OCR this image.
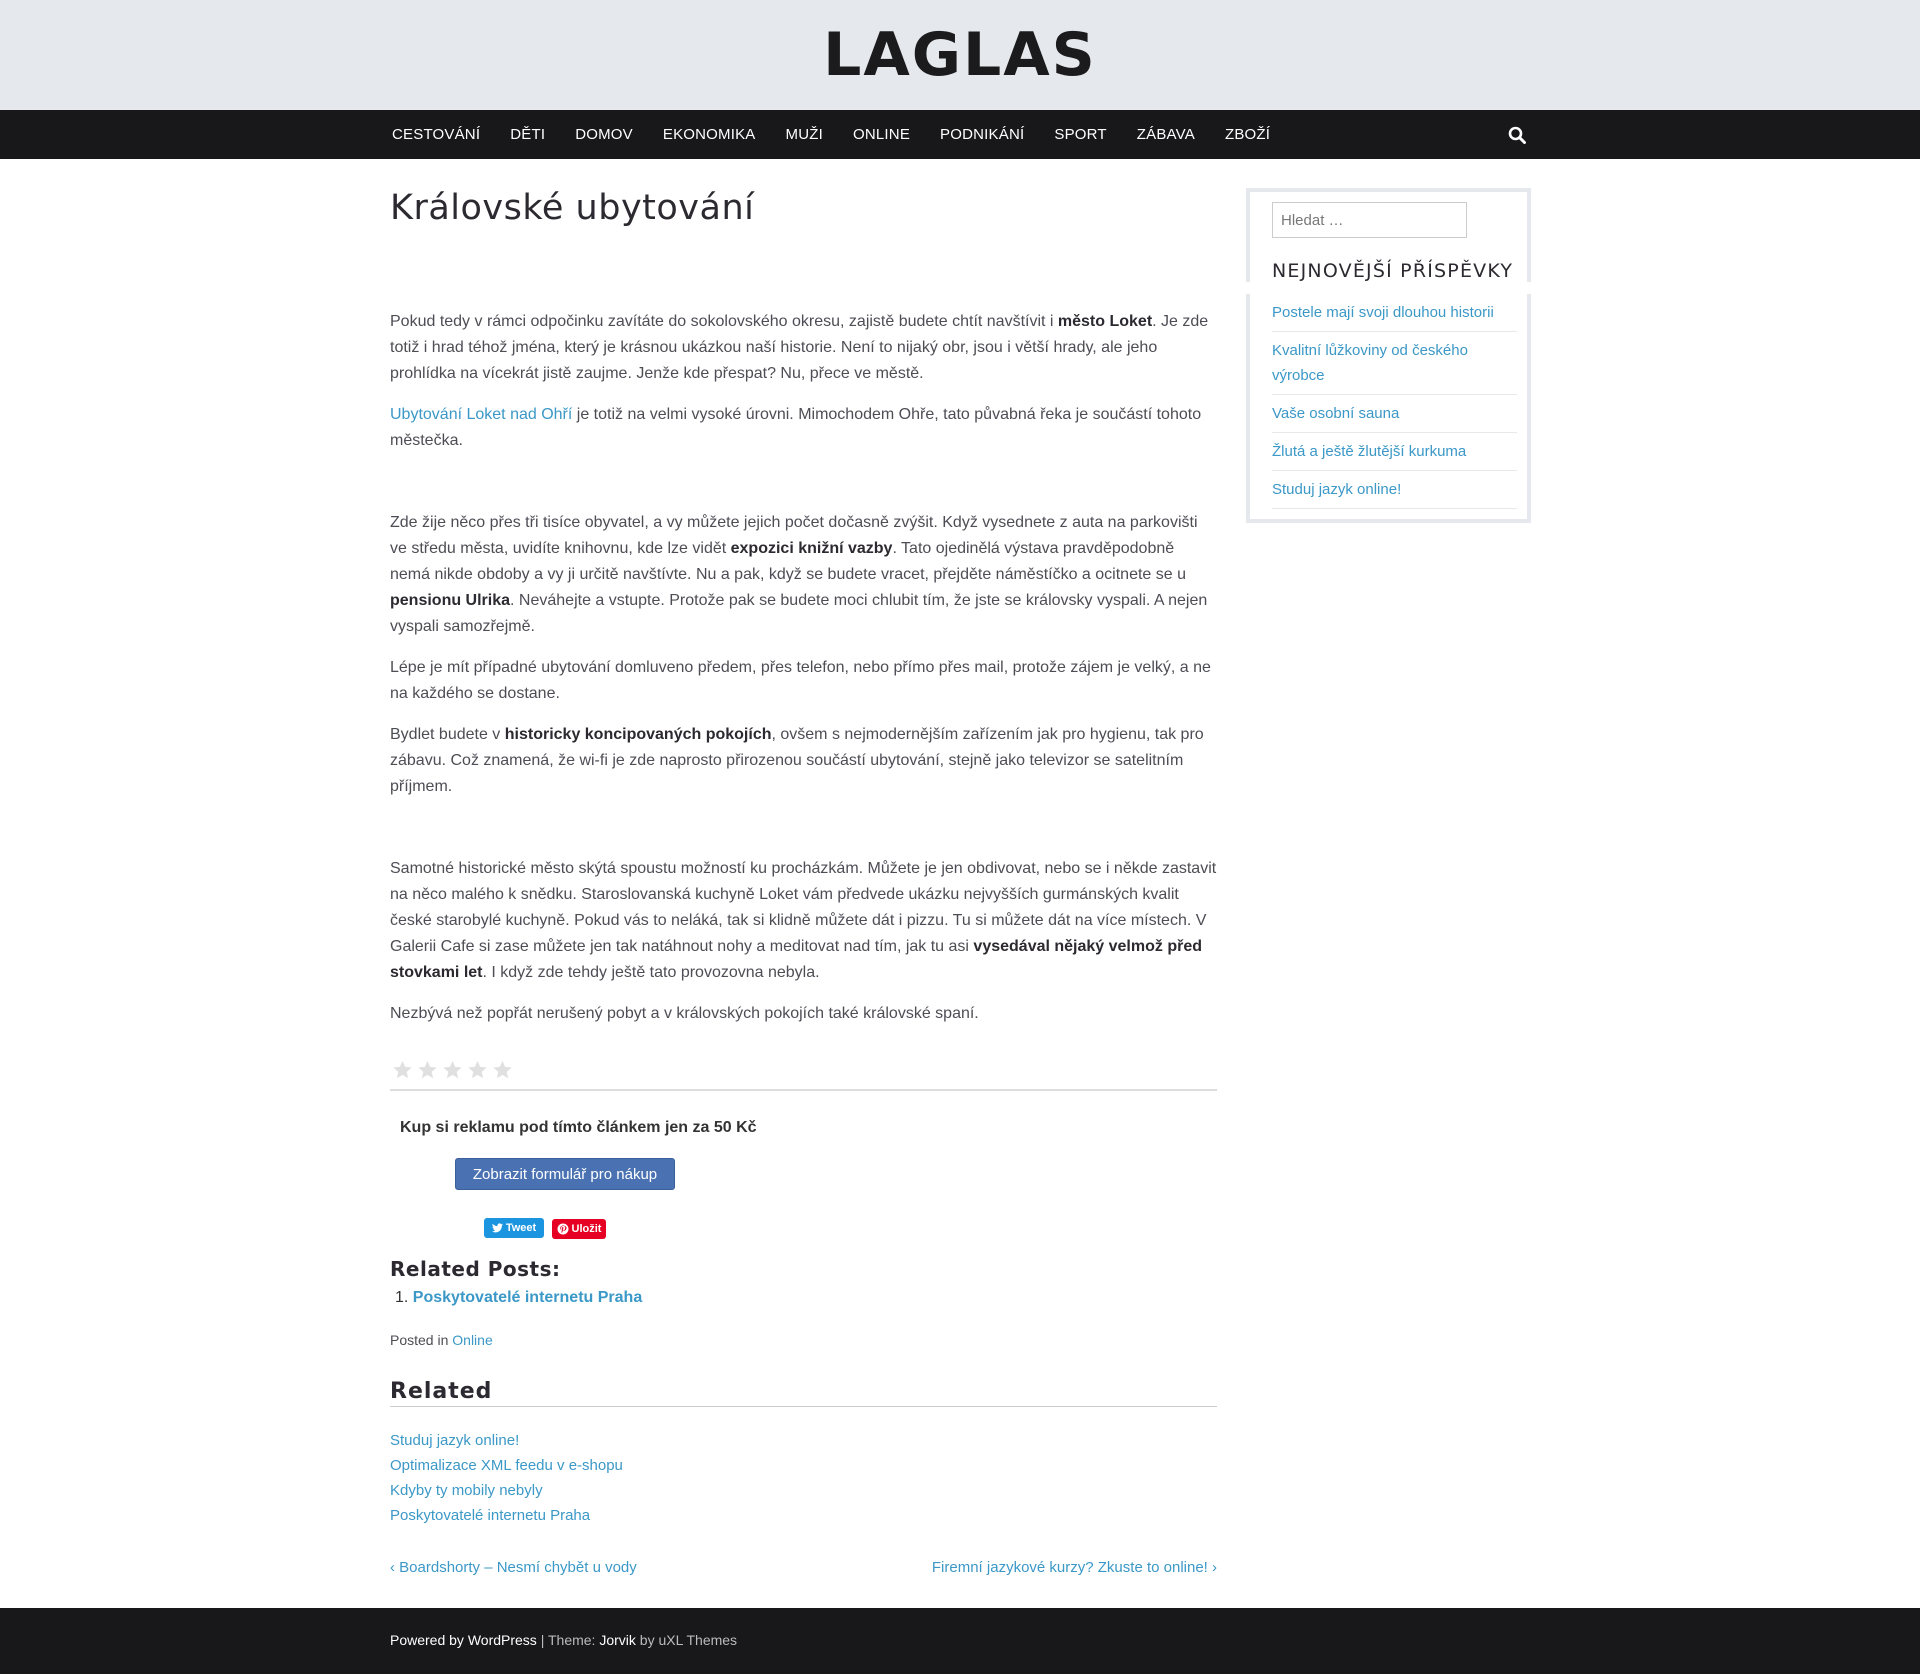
LAGLAS
CESTOVÁNÍ DĚTI DOMOV EKONOMIKA MUŽI ONLINE PODNIKÁNÍ SPORT ZÁBAVA ZBOŽÍ
Královské ubytování

Pokud tedy v rámci odpočinku zavítáte do sokolovského okresu, zajistě budete chtít navštívit i město Loket. Je zde totiž i hrad téhož jména, který je krásnou ukázkou naší historie. Není to nijaký obr, jsou i větší hrady, ale jeho prohlídka na vícekrát jistě zaujme. Jenže kde přespat? Nu, přece ve městě.

Ubytování Loket nad Ohří je totiž na velmi vysoké úrovni. Mimochodem Ohře, tato půvabná řeka je součástí tohoto městečka.

Zde žije něco přes tři tisíce obyvatel, a vy můžete jejich počet dočasně zvýšit. Když vysednete z auta na parkovišti ve středu města, uvidíte knihovnu, kde lze vidět expozici knižní vazby. Tato ojedinělá výstava pravděpodobně nemá nikde obdoby a vy ji určitě navštívte. Nu a pak, když se budete vracet, přejděte náměstíčko a ocitnete se u pensionu Ulrika. Neváhejte a vstupte. Protože pak se budete moci chlubit tím, že jste se královsky vyspali. A nejen vyspali samozřejmě.

Lépe je mít případné ubytování domluveno předem, přes telefon, nebo přímo přes mail, protože zájem je velký, a ne na každého se dostane.

Bydlet budete v historicky koncipovaných pokojích, ovšem s nejmodernějším zařízením jak pro hygienu, tak pro zábavu. Což znamená, že wi-fi je zde naprosto přirozenou součástí ubytování, stejně jako televizor se satelitním příjmem.

Samotné historické město skýtá spoustu možností ku procházkám. Můžete je jen obdivovat, nebo se i někde zastavit na něco malého k snědku. Staroslovanská kuchyně Loket vám předvede ukázku nejvyšších gurmánských kvalit české starobylé kuchyně. Pokud vás to neláká, tak si klidně můžete dát i pizzu. Tu si můžete dát na více místech. V Galerii Cafe si zase můžete jen tak natáhnout nohy a meditovat nad tím, jak tu asi vysedával nějaký velmož před stovkami let. I když zde tehdy ještě tato provozovna nebyla.

Nezbývá než popřát nerušený pobyt a v královských pokojích také královské spaní.

Kup si reklamu pod tímto článkem jen za 50 Kč
Zobrazit formulář pro nákup
Tweet	Uložit
Related Posts:
1. Poskytovatelé internetu Praha
Posted in Online
Related
Studuj jazyk online!
Optimalizace XML feedu v e-shopu
Kdyby ty mobily nebyly
Poskytovatelé internetu Praha
‹ Boardshorty – Nesmí chybět u vody	Firemní jazykové kurzy? Zkuste to online! ›
Hledat …
NEJNOVĚJŠÍ PŘÍSPĚVKY
Postele mají svoji dlouhou historii
Kvalitní lůžkoviny od českého výrobce
Vaše osobní sauna
Žlutá a ještě žlutější kurkuma
Studuj jazyk online!
Powered by WordPress | Theme: Jorvik by uXL Themes
